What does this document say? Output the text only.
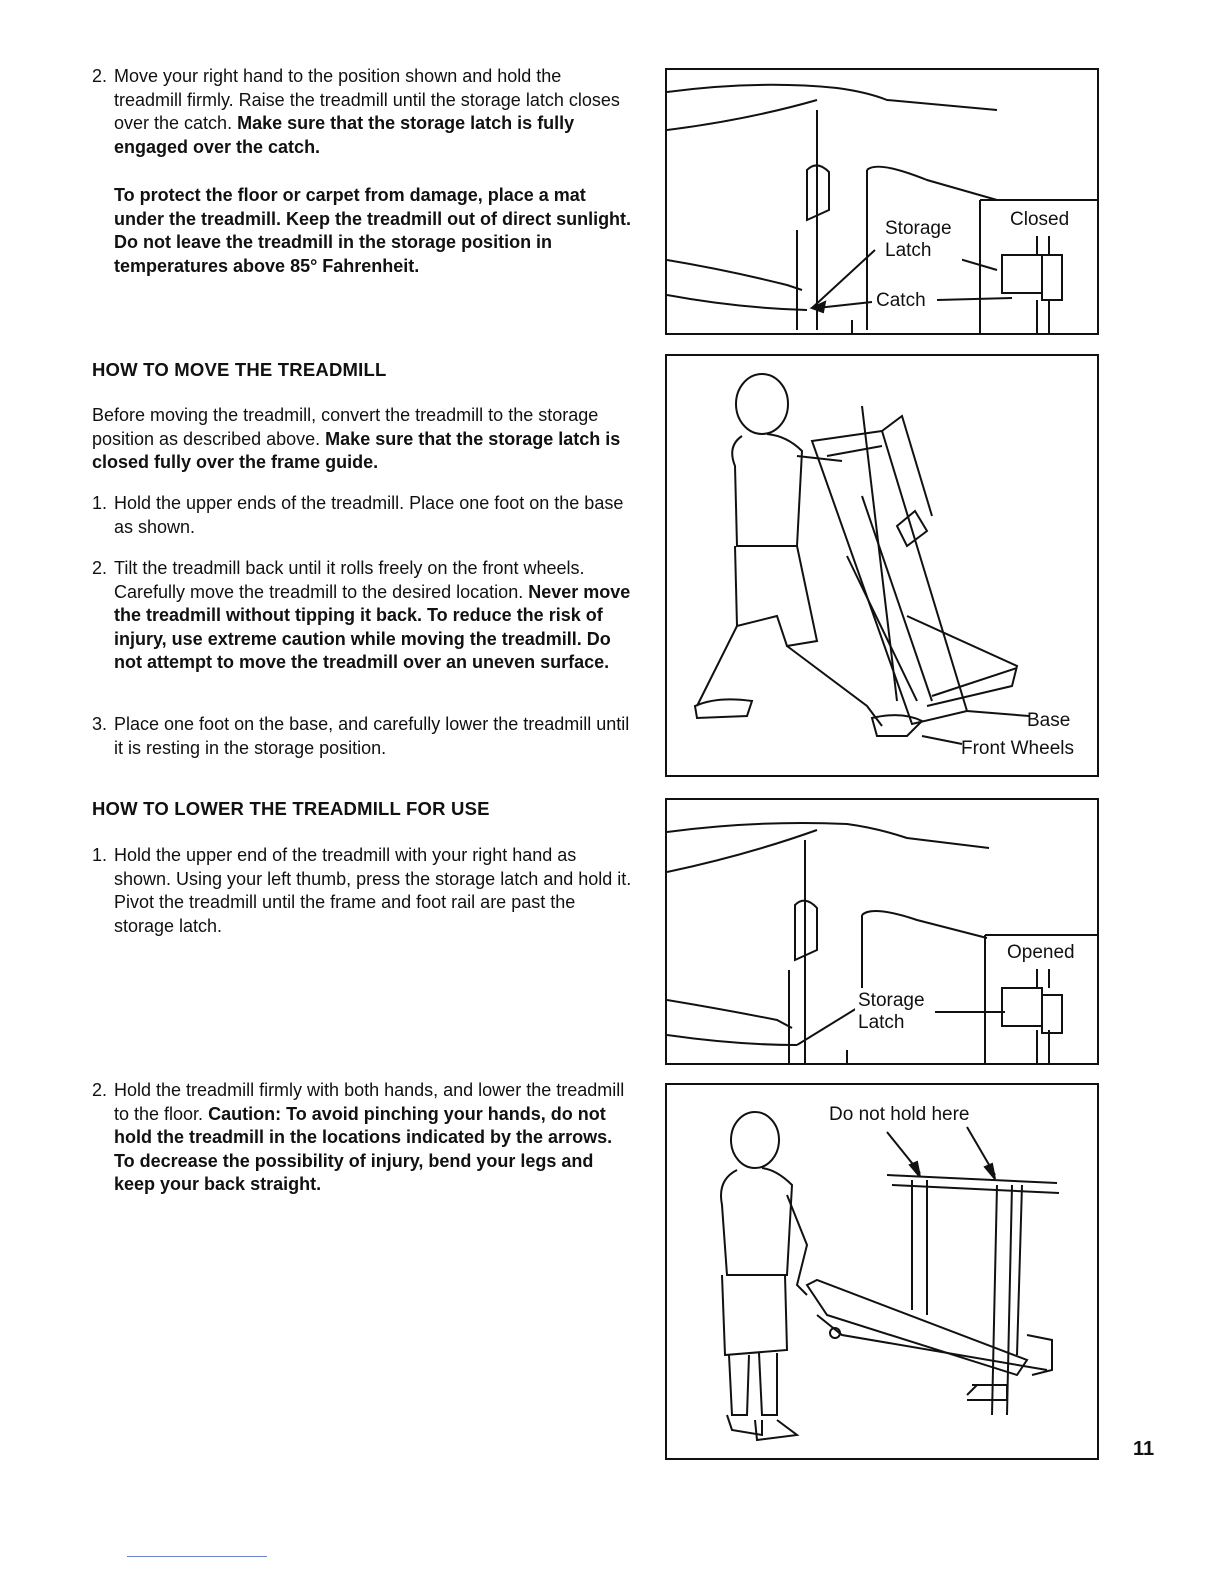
2. Move your right hand to the position shown and hold the treadmill firmly. Raise the treadmill until the storage latch closes over the catch. Make sure that the storage latch is fully engaged over the catch.

To protect the floor or carpet from damage, place a mat under the treadmill. Keep the treadmill out of direct sunlight. Do not leave the treadmill in the storage position in temperatures above 85° Fahrenheit.

HOW TO MOVE THE TREADMILL

Before moving the treadmill, convert the treadmill to the storage position as described above. Make sure that the storage latch is closed fully over the frame guide.

1. Hold the upper ends of the treadmill. Place one foot on the base as shown.

2. Tilt the treadmill back until it rolls freely on the front wheels. Carefully move the treadmill to the desired location. Never move the treadmill without tipping it back. To reduce the risk of injury, use extreme caution while moving the treadmill. Do not attempt to move the treadmill over an uneven surface.

3. Place one foot on the base, and carefully lower the treadmill until it is resting in the storage position.

HOW TO LOWER THE TREADMILL FOR USE
1. Hold the upper end of the treadmill with your right hand as shown. Using your left thumb, press the storage latch and hold it. Pivot the treadmill until the frame and foot rail are past the storage latch.

2. Hold the treadmill firmly with both hands, and lower the treadmill to the floor. Caution: To avoid pinching your hands, do not hold the treadmill in the locations indicated by the arrows. To decrease the possibility of injury, bend your legs and keep your back straight.

Closed
Storage
Latch
Catch
Base
Front Wheels
Opened
Storage
Latch
Do not hold here
11
